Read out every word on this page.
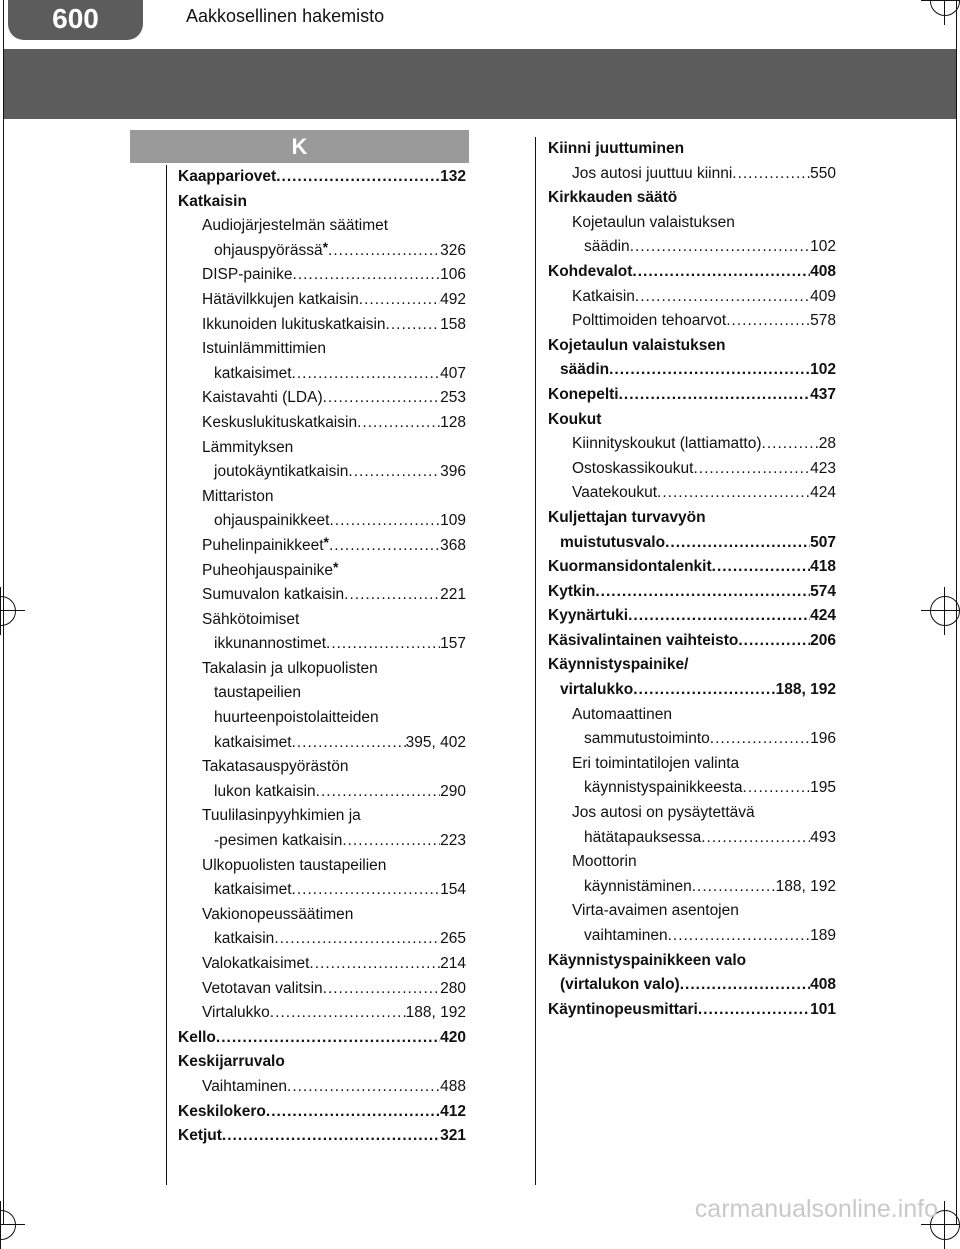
600	Aakkosellinen hakemisto
K
Kaappariovet .....	132
Katkaisin
Audiojärjestelmän säätimet
ohjauspyörässä* .....	326
DISP-painike .....	106
Hätävilkkujen katkaisin .....	492
Ikkunoiden lukituskatkaisin .....	158
Istuinlämmittimien
katkaisimet .....	407
Kaistavahti (LDA) .....	253
Keskuslukituskatkaisin .....	128
Lämmityksen
joutokäyntikatkaisin .....	396
Mittariston
ohjauspainikkeet .....	109
Puhelinpainikkeet* .....	368
Puheohjauspainike*
Sumuvalon katkaisin .....	221
Sähkötoimiset
ikkunannostimet .....	157
Takalasin ja ulkopuolisten
taustapeilien
huurteenpoistolaitteiden
katkaisimet .....	395, 402
Takatasauspyörästön
lukon katkaisin .....	290
Tuulilasinpyyhkimien ja
-pesimen katkaisin .....	223
Ulkopuolisten taustapeilien
katkaisimet .....	154
Vakionopeussäätimen
katkaisin .....	265
Valokatkaisimet .....	214
Vetotavan valitsin .....	280
Virtalukko .....	188, 192
Kello .....	420
Keskijarruvalo
Vaihtaminen .....	488
Keskilokero .....	412
Ketjut .....	321
Kiinni juuttuminen
Jos autosi juuttuu kiinni .....	550
Kirkkauden säätö
Kojetaulun valaistuksen
säädin .....	102
Kohdevalot .....	408
Katkaisin .....	409
Polttimoiden tehoarvot .....	578
Kojetaulun valaistuksen
säädin .....	102
Konepelti .....	437
Koukut
Kiinnityskoukut (lattiamatto) .....	28
Ostoskassikoukut .....	423
Vaatekoukut .....	424
Kuljettajan turvavyön
muistutusvalo .....	507
Kuormansidontalenkit .....	418
Kytkin .....	574
Kyynärtuki .....	424
Käsivalintainen vaihteisto .....	206
Käynnistyspainike/
virtalukko .....	188, 192
Automaattinen
sammutustoiminto .....	196
Eri toimintatilojen valinta
käynnistyspainikkeesta .....	195
Jos autosi on pysäytettävä
hätätapauksessa .....	493
Moottorin
käynnistäminen .....	188, 192
Virta-avaimen asentojen
vaihtaminen .....	189
Käynnistyspainikkeen valo
(virtalukon valo) .....	408
Käyntinopeusmittari .....	101
carmanualsonline.info
